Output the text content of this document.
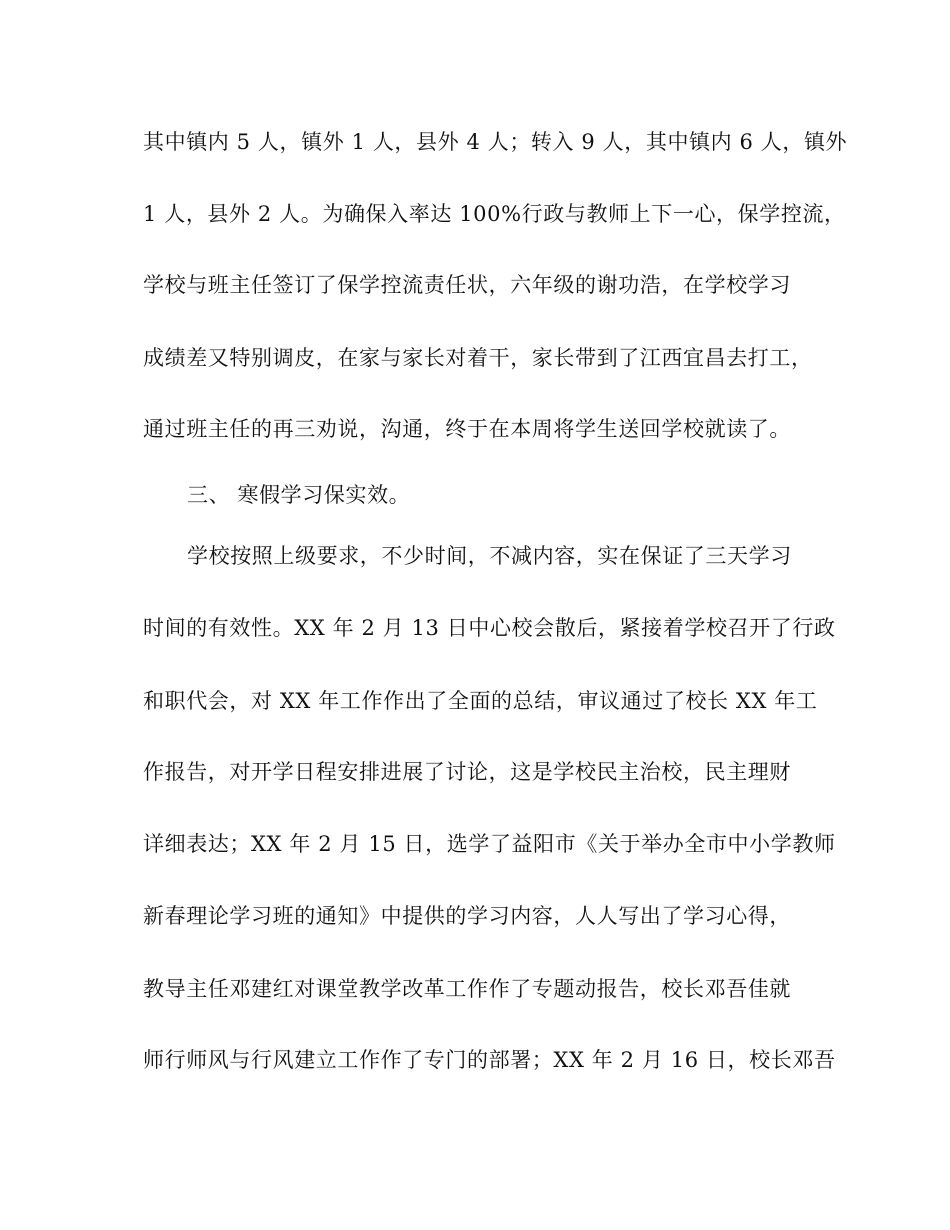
其中镇内 5 人，镇外 1 人，县外 4 人；转入 9 人，其中镇内 6 人，镇外
1 人，县外 2 人。为确保入率达 100%行政与教师上下一心，保学控流，
学校与班主任签订了保学控流责任状，六年级的谢功浩，在学校学习
成绩差又特别调皮，在家与家长对着干，家长带到了江西宜昌去打工，
通过班主任的再三劝说，沟通，终于在本周将学生送回学校就读了。
三、 寒假学习保实效。
学校按照上级要求，不少时间，不减内容，实在保证了三天学习
时间的有效性。XX 年 2 月 13 日中心校会散后，紧接着学校召开了行政
和职代会，对 XX 年工作作出了全面的总结，审议通过了校长 XX 年工
作报告，对开学日程安排进展了讨论，这是学校民主治校，民主理财
详细表达；XX 年 2 月 15 日，选学了益阳市《关于举办全市中小学教师
新春理论学习班的通知》中提供的学习内容，人人写出了学习心得，
教导主任邓建红对课堂教学改革工作作了专题动报告，校长邓吾佳就
师行师风与行风建立工作作了专门的部署；XX 年 2 月 16 日，校长邓吾
